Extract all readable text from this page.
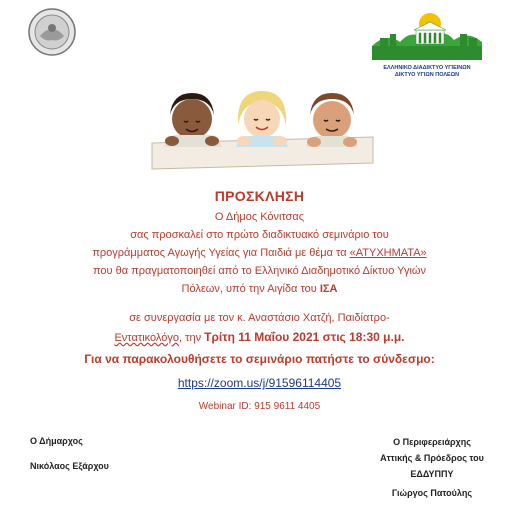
ΕΛΛΗΝΙΚΟ ΔΙΑΔΙΚΤΥΟ ΥΓΙΕΙΝΩΝ
ΔΙΚΤΥΟ ΥΓΙΩΝ ΠΟΛΕΩΝ
ΠΡΟΣΚΛΗΣΗ
Ο Δήμος Κόνιτσας
σας προσκαλεί στο πρώτο διαδικτυακό σεμινάριο του
προγράμματος Αγωγής Υγείας για Παιδιά με θέμα τα «ΑΤΥΧΗΜΑΤΑ»
που θα πραγματοποιηθεί από το Ελληνικό Διαδημοτικό Δίκτυο Υγιών
Πόλεων, υπό την Αιγίδα του ΙΣΑ
σε συνεργασία με τον κ. Αναστάσιο Χατζή, Παιδίατρο-
Εντατικολόγο, την Τρίτη 11 Μαΐου 2021 στις 18:30 μ.μ.
Για να παρακολουθήσετε το σεμινάριο πατήστε το σύνδεσμο:
https://zoom.us/j/91596114405
Webinar ID: 915 9611 4405
Ο Δήμαρχος
Νικόλαος Εξάρχου
Ο Περιφερειάρχης
Αττικής & Πρόεδρος του
ΕΔΔΥΠΠΥ
Γιώργος Πατούλης
